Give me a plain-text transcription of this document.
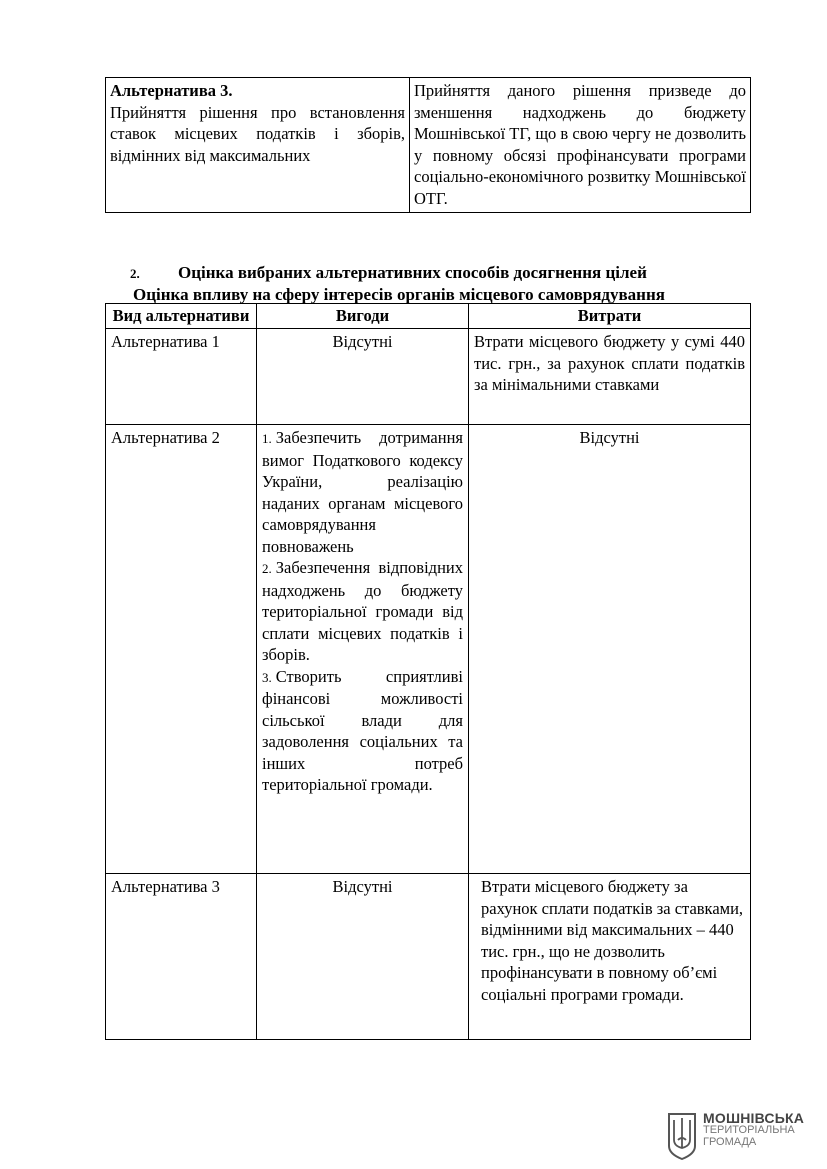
Альтернатива 3.
Прийняття рішення про встановлення ставок місцевих податків і зборів, відмінних від максимальних
	Прийняття даного рішення призведе до зменшення надходжень до бюджету Мошнівської ТГ, що в свою чергу не дозволить у повному обсязі профінансувати програми соціально-економічного розвитку Мошнівської ОТГ.
2. Оцінка вибраних альтернативних способів досягнення цілей
Оцінка впливу на сферу інтересів органів місцевого самоврядування
Вид альтернативи	Вигоди	Витрати
Альтернатива 1	Відсутні	Втрати місцевого бюджету у сумі 440 тис. грн., за рахунок сплати податків за мінімальними ставками
Альтернатива 2	1. Забезпечить дотримання вимог Податкового кодексу України, реалізацію наданих органам місцевого самоврядування повноважень
2. Забезпечення відповідних надходжень до бюджету територіальної громади від сплати місцевих податків і зборів.
3. Створить сприятливі фінансові можливості сільської влади для задоволення соціальних та інших потреб територіальної громади.	Відсутні
Альтернатива 3	Відсутні	Втрати місцевого бюджету за рахунок сплати податків за ставками, відмінними від максимальних – 440 тис. грн., що не дозволить профінансувати в повному об’ємі соціальні програми громади.
МОШНІВСЬКА
ТЕРИТОРІАЛЬНА
ГРОМАДА
